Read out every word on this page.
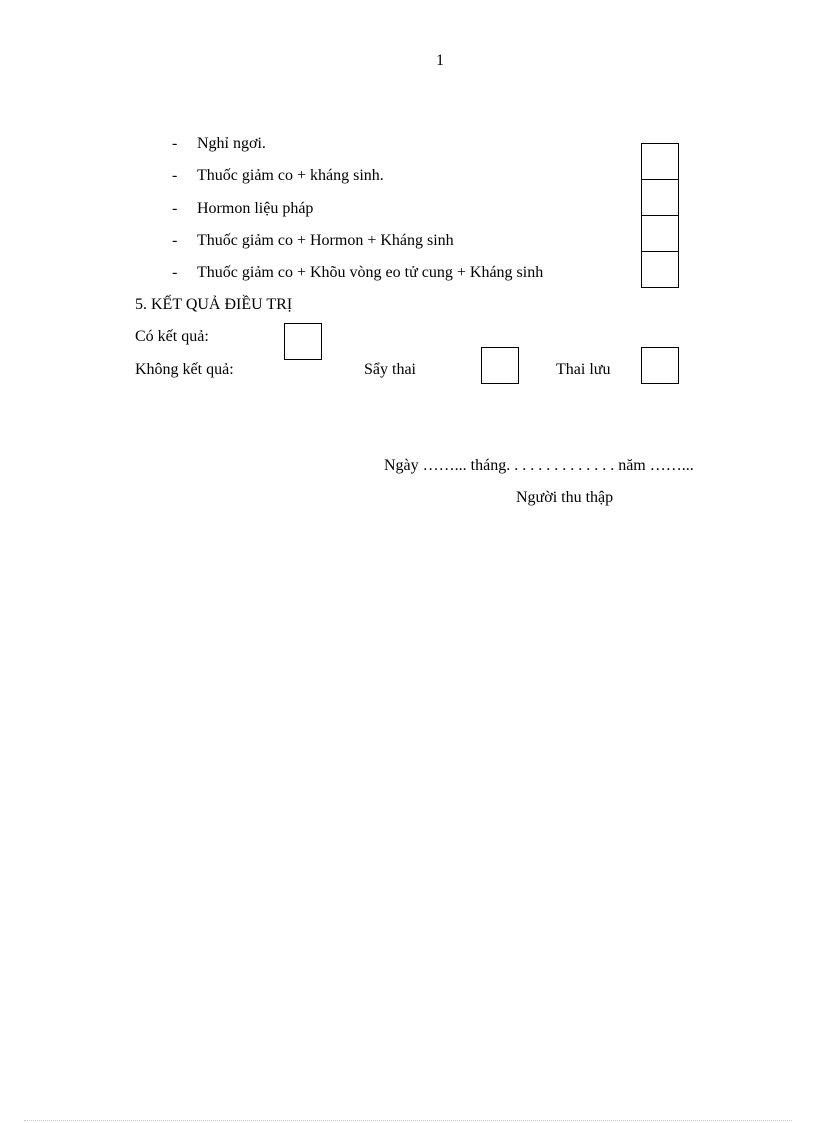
1
- Nghỉ ngơi.
- Thuốc giảm co + kháng sinh.
- Hormon liệu pháp
- Thuốc giảm co + Hormon + Kháng sinh
- Thuốc giảm co + Khõu vòng eo tử cung + Kháng sinh
5. KẾT QUẢ ĐIỀU TRỊ
Có kết quả:
Không kết quả:	Sẩy thai	Thai lưu
Ngày ……... tháng. . . . . . . . . . . . . . năm ……...
Người thu thập
